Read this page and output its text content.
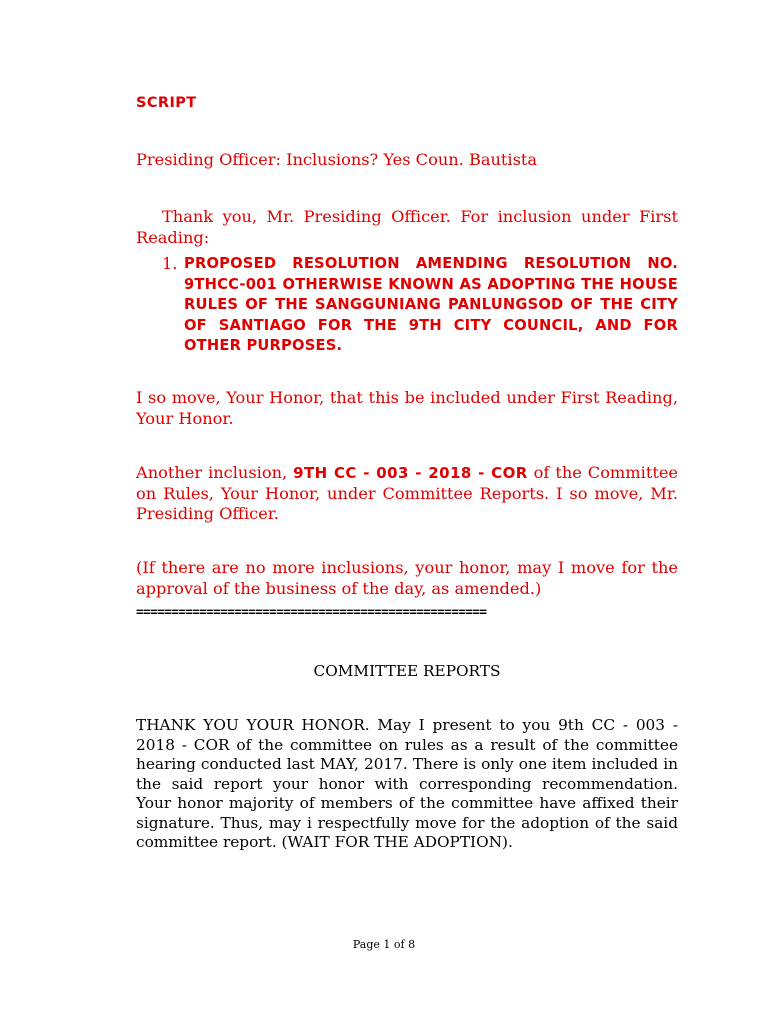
SCRIPT

Presiding Officer: Inclusions? Yes Coun. Bautista

Thank you, Mr. Presiding Officer. For inclusion under First Reading:

1. PROPOSED RESOLUTION AMENDING RESOLUTION NO. 9THCC-001 OTHERWISE KNOWN AS ADOPTING THE HOUSE RULES OF THE SANGGUNIANG PANLUNGSOD OF THE CITY OF SANTIAGO FOR THE 9TH CITY COUNCIL, AND FOR OTHER PURPOSES.

I so move, Your Honor, that this be included under First Reading, Your Honor.

Another inclusion, 9TH CC - 003 - 2018 - COR of the Committee on Rules, Your Honor, under Committee Reports. I so move, Mr. Presiding Officer.

(If there are no more inclusions, your honor, may I move for the approval of the business of the day, as amended.)

==================================================

COMMITTEE REPORTS

THANK YOU YOUR HONOR. May I present to you 9th CC - 003 - 2018 - COR of the committee on rules as a result of the committee hearing conducted last MAY, 2017. There is only one item included in the said report your honor with corresponding recommendation. Your honor majority of members of the committee have affixed their signature. Thus, may i respectfully move for the adoption of the said committee report. (WAIT FOR THE ADOPTION).

Page 1 of 8
